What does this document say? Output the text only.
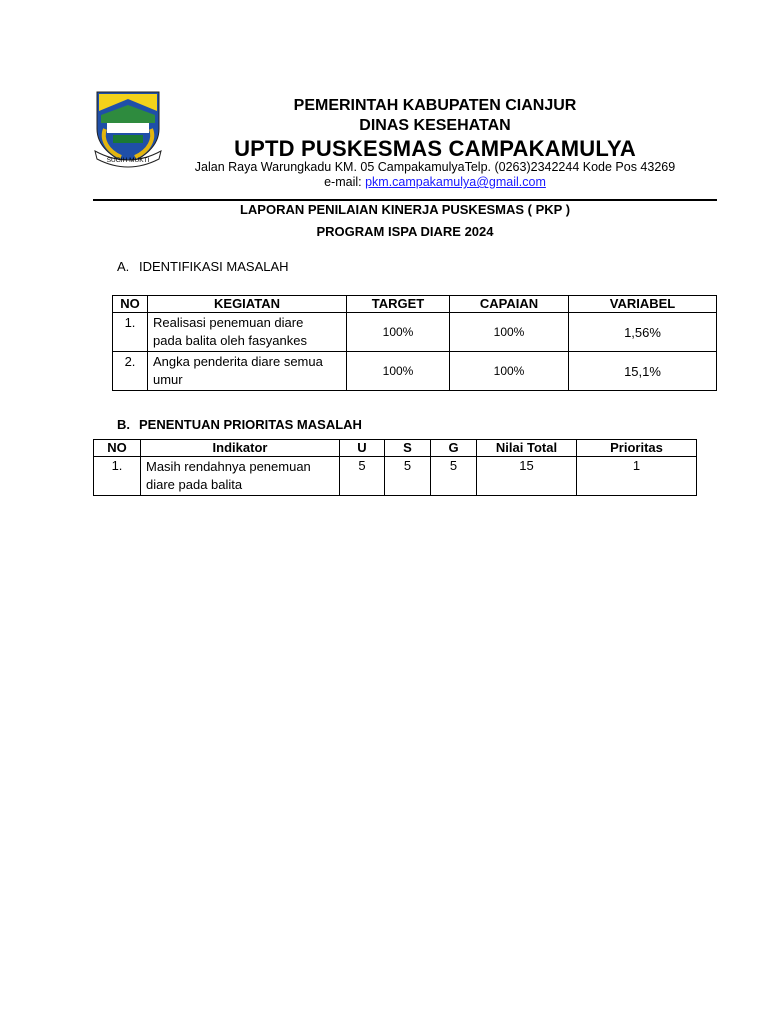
SUGIH MUKTI
PEMERINTAH KABUPATEN CIANJUR
DINAS KESEHATAN
UPTD PUSKESMAS CAMPAKAMULYA
Jalan Raya Warungkadu KM. 05 CampakamulyaTelp. (0263)2342244 Kode Pos 43269
e-mail: pkm.campakamulya@gmail.com
LAPORAN PENILAIAN KINERJA PUSKESMAS ( PKP )
PROGRAM ISPA DIARE 2024
A. IDENTIFIKASI MASALAH
NO	KEGIATAN	TARGET	CAPAIAN	VARIABEL
1.	Realisasi penemuan diare
pada balita oleh fasyankes	100%	100%	1,56%
2.	Angka penderita diare semua
umur	100%	100%	15,1%
B. PENENTUAN PRIORITAS MASALAH
NO	Indikator	U	S	G	Nilai Total	Prioritas
1.	Masih rendahnya penemuan
diare pada balita	5	5	5	15	1
